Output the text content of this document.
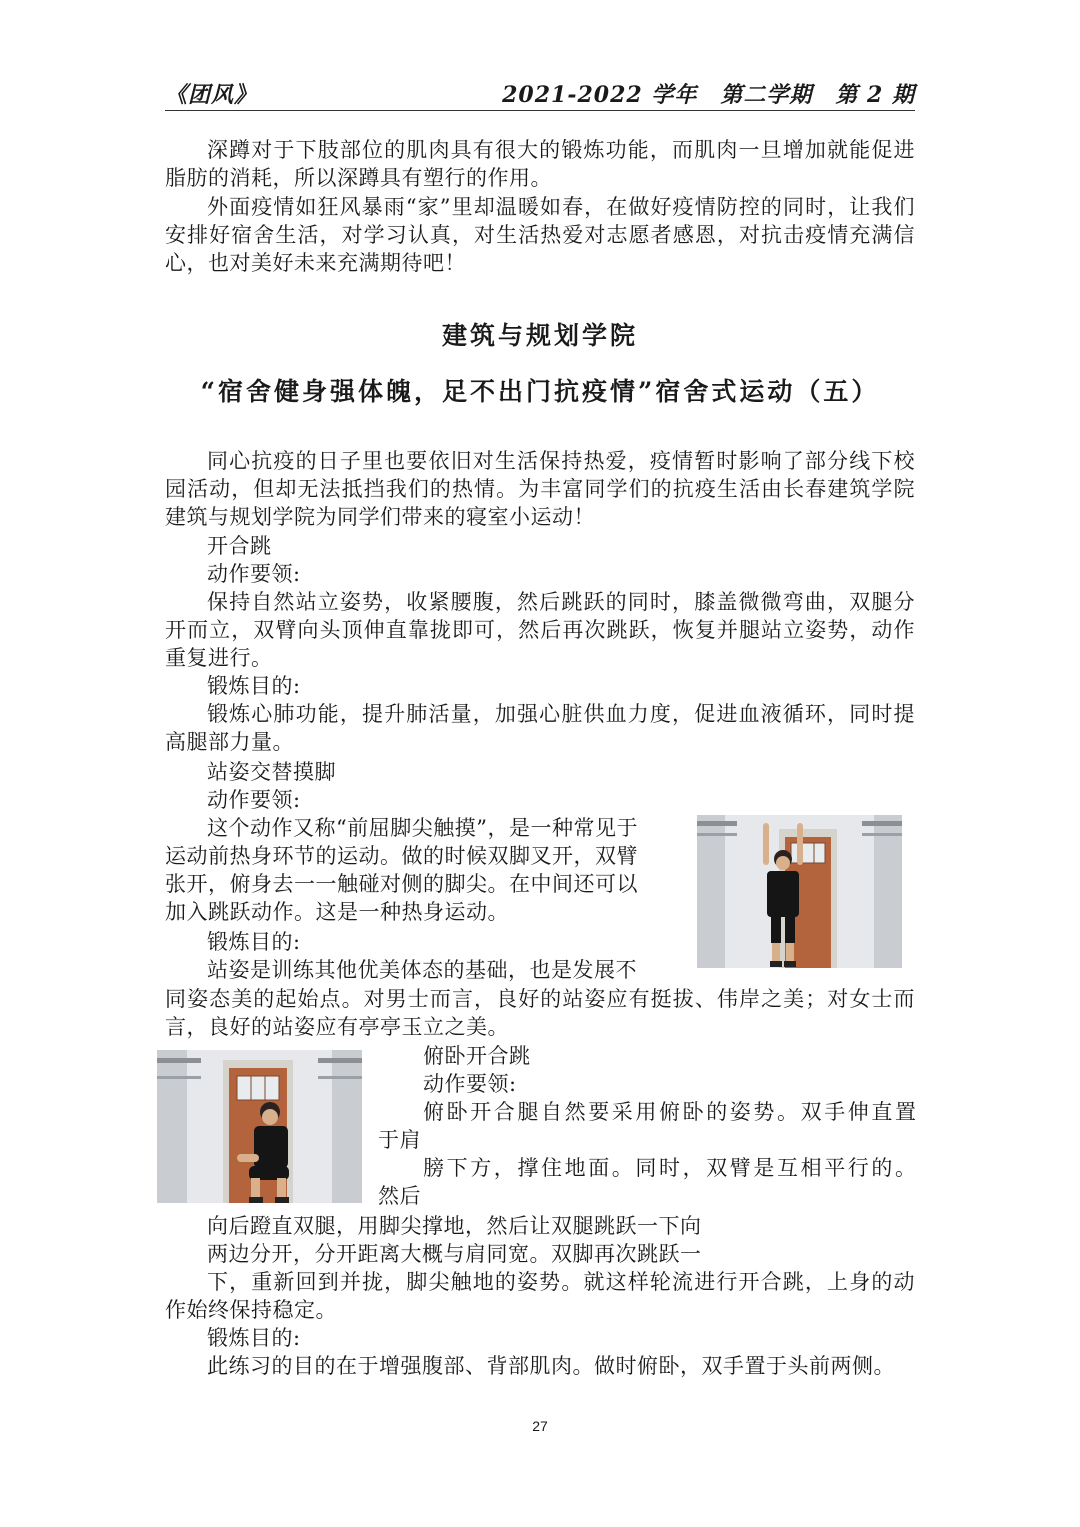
《团风》	2021-2022 学年　第二学期　第 2 期

深蹲对于下肢部位的肌肉具有很大的锻炼功能，而肌肉一旦增加就能促进脂肪的消耗，所以深蹲具有塑行的作用。

外面疫情如狂风暴雨“家”里却温暖如春，在做好疫情防控的同时，让我们安排好宿舍生活，对学习认真，对生活热爱对志愿者感恩，对抗击疫情充满信心，也对美好未来充满期待吧！

建筑与规划学院
“宿舍健身强体魄，足不出门抗疫情”宿舍式运动（五）

同心抗疫的日子里也要依旧对生活保持热爱，疫情暂时影响了部分线下校园活动，但却无法抵挡我们的热情。为丰富同学们的抗疫生活由长春建筑学院建筑与规划学院为同学们带来的寝室小运动！

开合跳
动作要领:

保持自然站立姿势，收紧腰腹，然后跳跃的同时，膝盖微微弯曲，双腿分开而立，双臂向头顶伸直靠拢即可，然后再次跳跃，恢复并腿站立姿势，动作重复进行。

锻炼目的:

锻炼心肺功能，提升肺活量，加强心脏供血力度，促进血液循环，同时提高腿部力量。

站姿交替摸脚
动作要领:
这个动作又称“前屈脚尖触摸”，是一种常见于
运动前热身环节的运动。做的时候双脚叉开，双臂
张开，俯身去一一触碰对侧的脚尖。在中间还可以
加入跳跃动作。这是一种热身运动。
锻炼目的:
站姿是训练其他优美体态的基础，也是发展不

同姿态美的起始点。对男士而言，良好的站姿应有挺拔、伟岸之美；对女士而言，良好的站姿应有亭亭玉立之美。

俯卧开合跳
动作要领:
俯卧开合腿自然要采用俯卧的姿势。双手伸直置
于肩
膀下方，撑住地面。同时，双臂是互相平行的。
然后
向后蹬直双腿，用脚尖撑地，然后让双腿跳跃一下向
两边分开，分开距离大概与肩同宽。双脚再次跳跃一

下，重新回到并拢，脚尖触地的姿势。就这样轮流进行开合跳，上身的动作始终保持稳定。

锻炼目的:
此练习的目的在于增强腹部、背部肌肉。做时俯卧，双手置于头前两侧。
27
